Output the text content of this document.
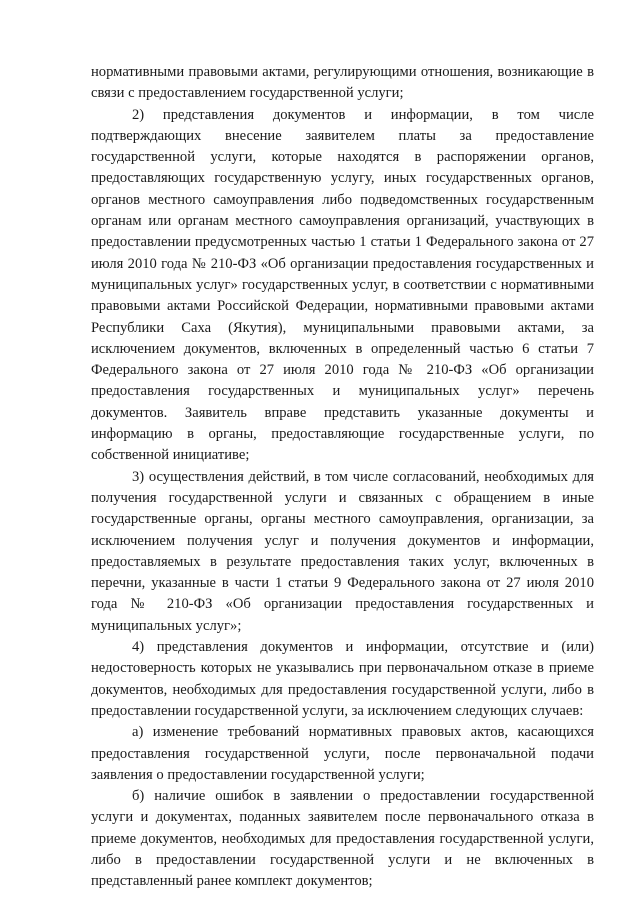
нормативными правовыми актами, регулирующими отношения, возникающие в связи с предоставлением государственной услуги;

2) представления документов и информации, в том числе подтверждающих внесение заявителем платы за предоставление государственной услуги, которые находятся в распоряжении органов, предоставляющих государственную услугу, иных государственных органов, органов местного самоуправления либо подведомственных государственным органам или органам местного самоуправления организаций, участвующих в предоставлении предусмотренных частью 1 статьи 1 Федерального закона от 27 июля 2010 года № 210-ФЗ «Об организации предоставления государственных и муниципальных услуг» государственных услуг, в соответствии с нормативными правовыми актами Российской Федерации, нормативными правовыми актами Республики Саха (Якутия), муниципальными правовыми актами, за исключением документов, включенных в определенный частью 6 статьи 7 Федерального закона от 27 июля 2010 года № 210-ФЗ «Об организации предоставления государственных и муниципальных услуг» перечень документов. Заявитель вправе представить указанные документы и информацию в органы, предоставляющие государственные услуги, по собственной инициативе;

3) осуществления действий, в том числе согласований, необходимых для получения государственной услуги и связанных с обращением в иные государственные органы, органы местного самоуправления, организации, за исключением получения услуг и получения документов и информации, предоставляемых в результате предоставления таких услуг, включенных в перечни, указанные в части 1 статьи 9 Федерального закона от 27 июля 2010 года № 210-ФЗ «Об организации предоставления государственных и муниципальных услуг»;

4) представления документов и информации, отсутствие и (или) недостоверность которых не указывались при первоначальном отказе в приеме документов, необходимых для предоставления государственной услуги, либо в предоставлении государственной услуги, за исключением следующих случаев:

а) изменение требований нормативных правовых актов, касающихся предоставления государственной услуги, после первоначальной подачи заявления о предоставлении государственной услуги;

б) наличие ошибок в заявлении о предоставлении государственной услуги и документах, поданных заявителем после первоначального отказа в приеме документов, необходимых для предоставления государственной услуги, либо в предоставлении государственной услуги и не включенных в представленный ранее комплект документов;
